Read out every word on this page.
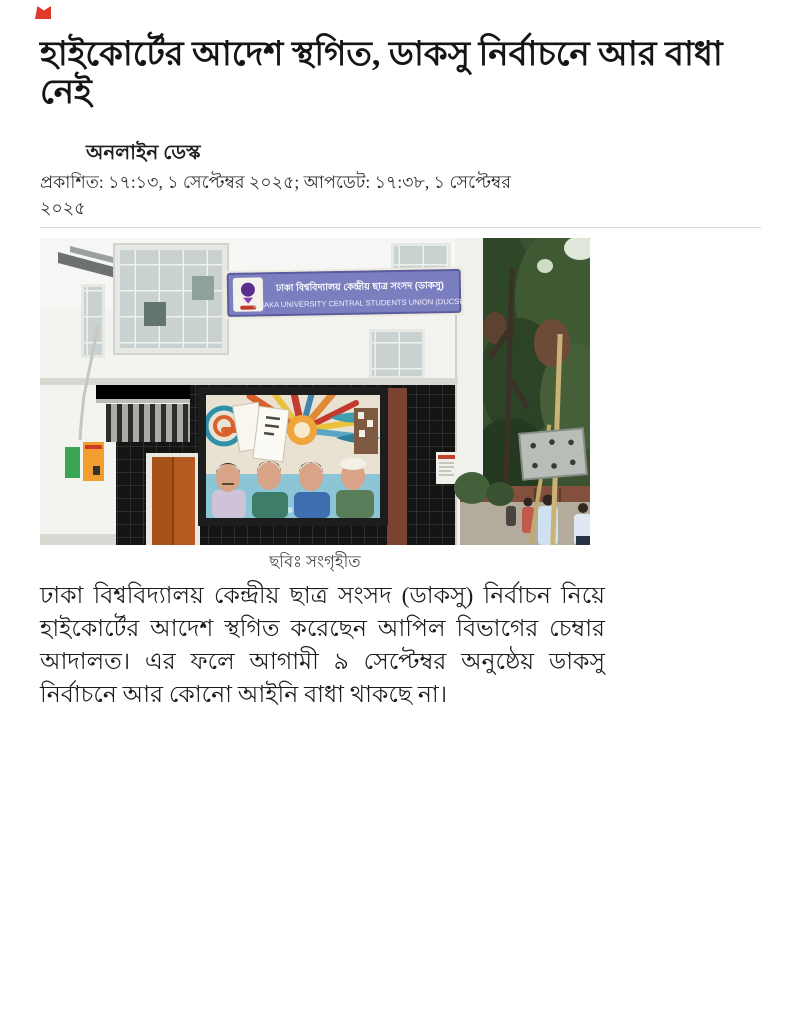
হাইকোর্টের আদেশ স্থগিত, ডাকসু নির্বাচনে আর বাধা নেই
অনলাইন ডেস্ক
প্রকাশিত: ১৭:১৩, ১ সেপ্টেম্বর ২০২৫; আপডেট: ১৭:৩৮, ১ সেপ্টেম্বর ২০২৫
ঢাকা বিশ্ববিদ্যালয় কেন্দ্রীয় ছাত্র সংসদ (ডাকসু)
DHAKA UNIVERSITY CENTRAL STUDENTS UNION (DUCSU)
ছবিঃ সংগৃহীত

ঢাকা বিশ্ববিদ্যালয় কেন্দ্রীয় ছাত্র সংসদ (ডাকসু) নির্বাচন নিয়ে হাইকোর্টের আদেশ স্থগিত করেছেন আপিল বিভাগের চেম্বার আদালত। এর ফলে আগামী ৯ সেপ্টেম্বর অনুষ্ঠেয় ডাকসু নির্বাচনে আর কোনো আইনি বাধা থাকছে না।
